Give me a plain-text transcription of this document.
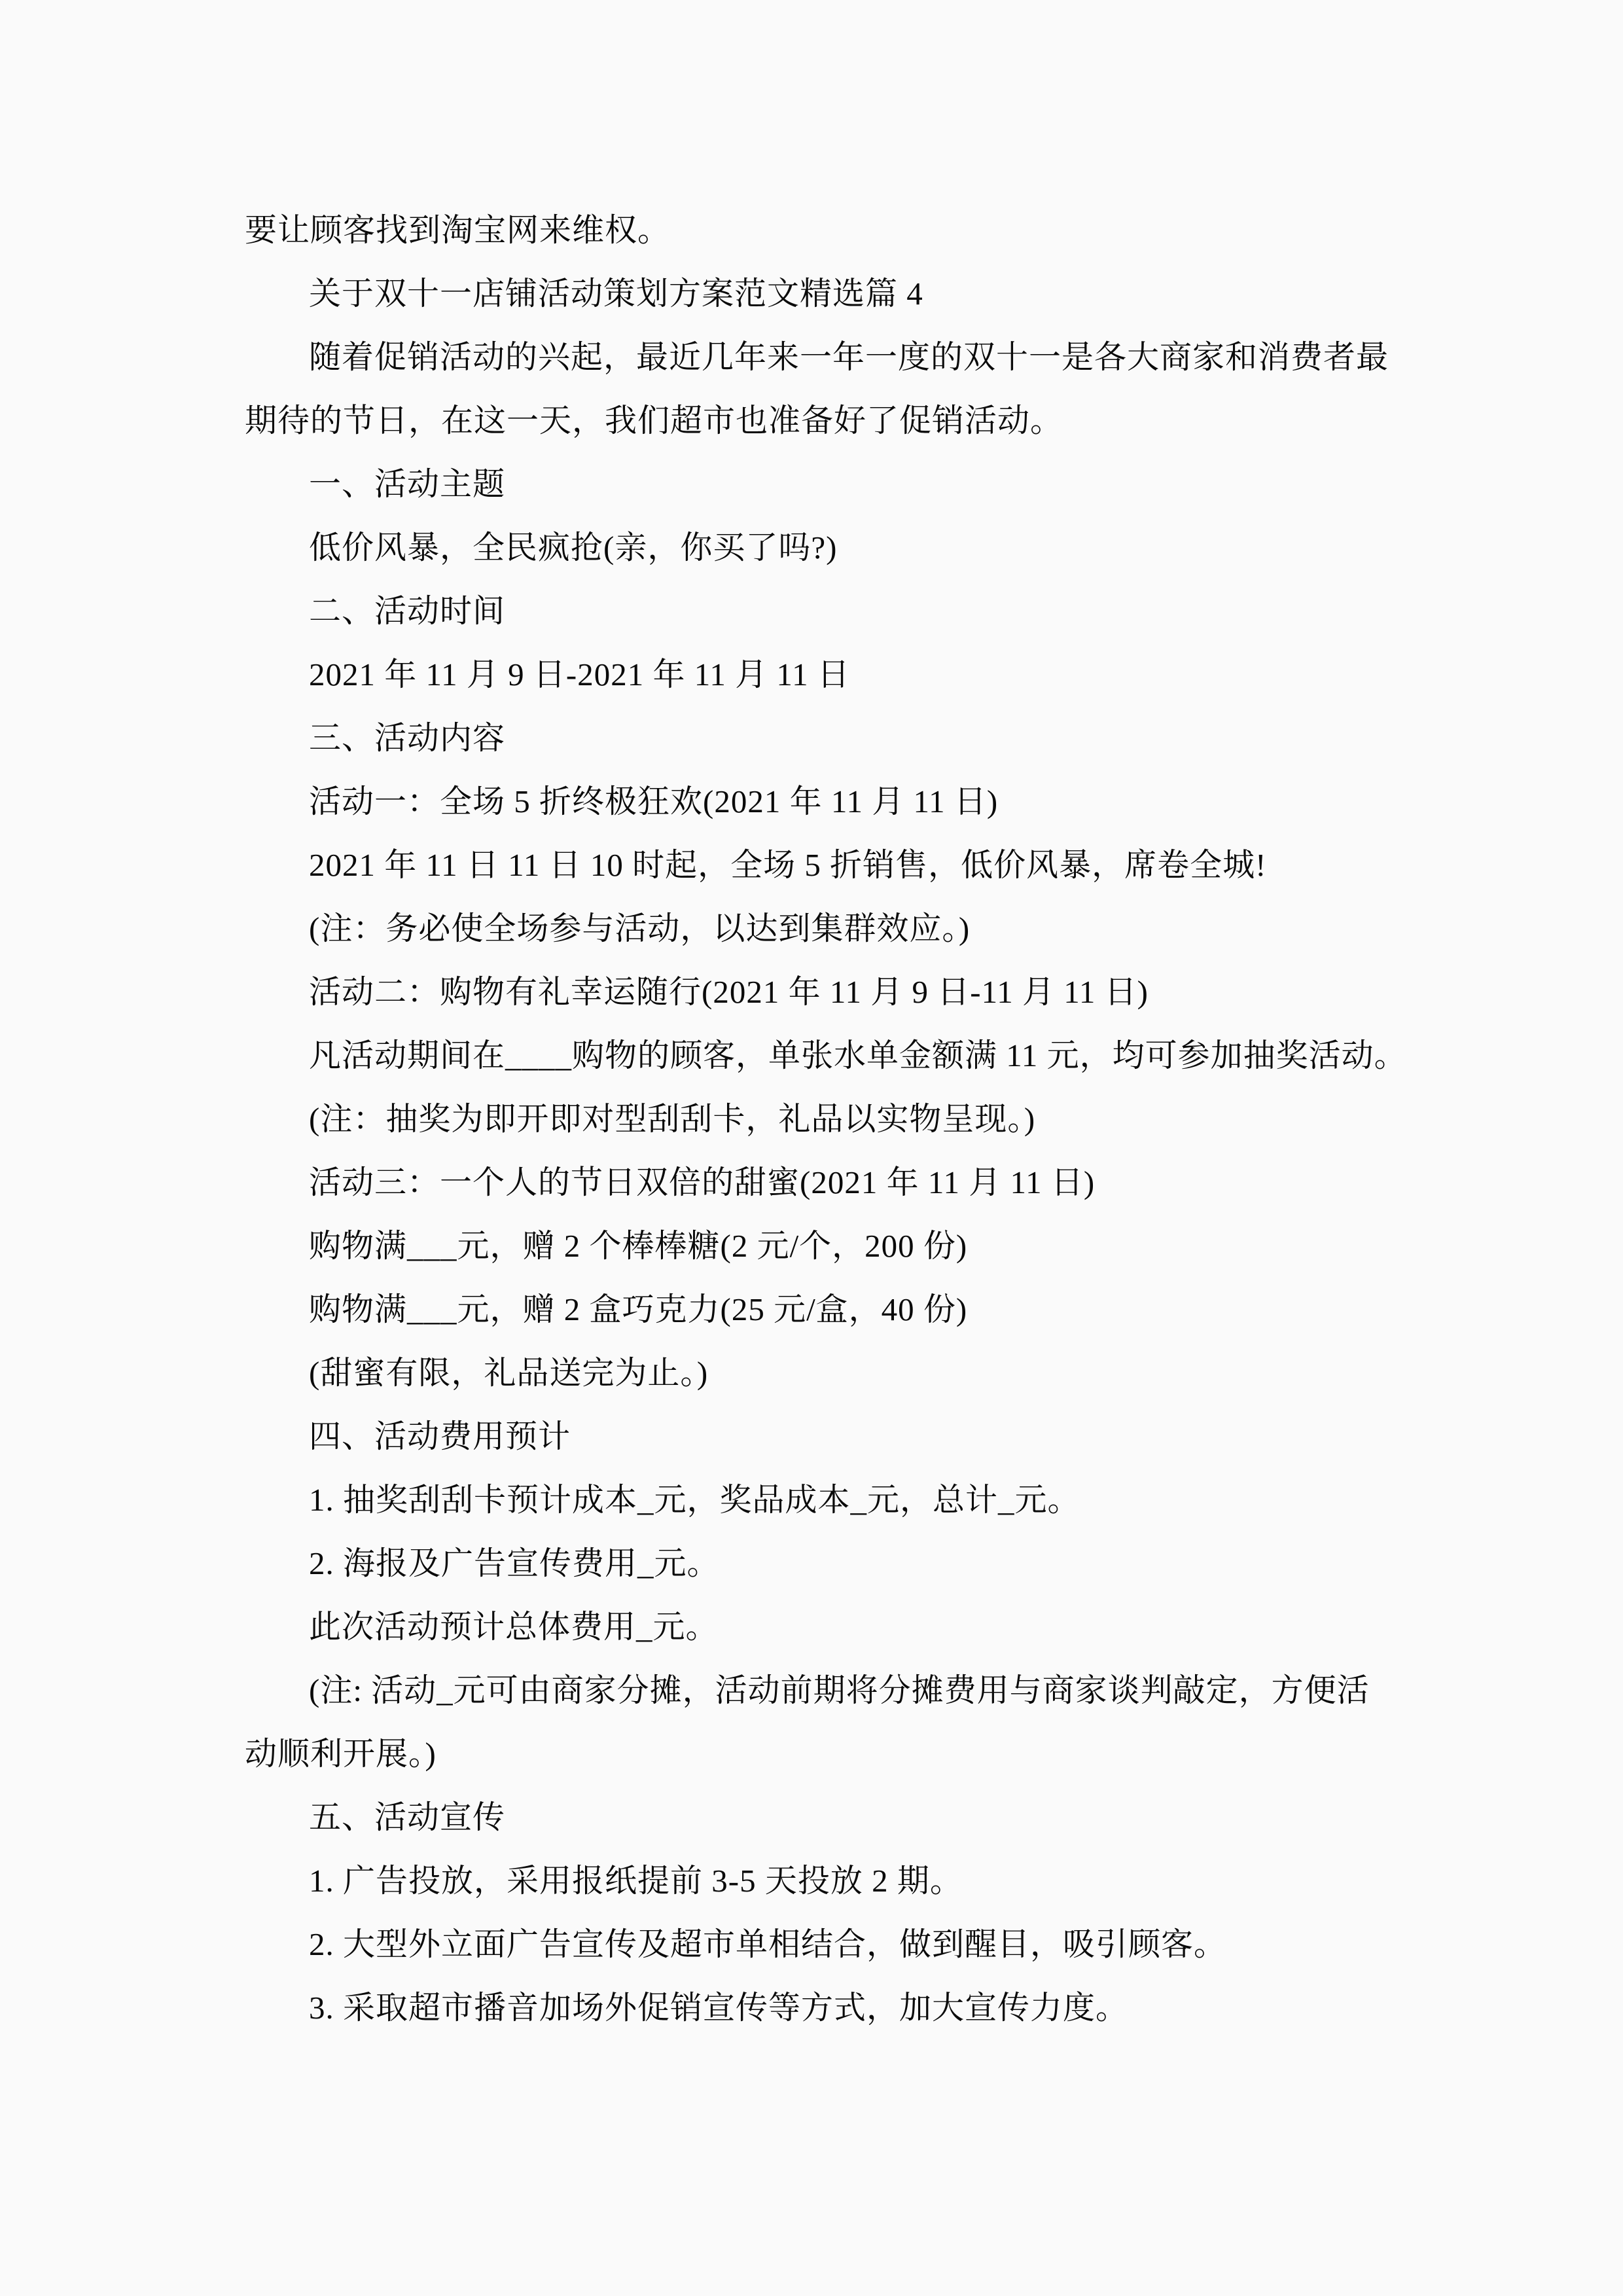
要让顾客找到淘宝网来维权。
关于双十一店铺活动策划方案范文精选篇 4
随着促销活动的兴起，最近几年来一年一度的双十一是各大商家和消费者最
期待的节日，在这一天，我们超市也准备好了促销活动。
一、活动主题
低价风暴，全民疯抢(亲，你买了吗?)
二、活动时间
2021 年 11 月 9 日-2021 年 11 月 11 日
三、活动内容
活动一：全场 5 折终极狂欢(2021 年 11 月 11 日)
2021 年 11 日 11 日 10 时起，全场 5 折销售，低价风暴，席卷全城!
(注：务必使全场参与活动，以达到集群效应。)
活动二：购物有礼幸运随行(2021 年 11 月 9 日-11 月 11 日)
凡活动期间在____购物的顾客，单张水单金额满 11 元，均可参加抽奖活动。
(注：抽奖为即开即对型刮刮卡，礼品以实物呈现。)
活动三：一个人的节日双倍的甜蜜(2021 年 11 月 11 日)
购物满___元，赠 2 个棒棒糖(2 元/个，200 份)
购物满___元，赠 2 盒巧克力(25 元/盒，40 份)
(甜蜜有限，礼品送完为止。)
四、活动费用预计
1. 抽奖刮刮卡预计成本_元，奖品成本_元，总计_元。
2. 海报及广告宣传费用_元。
此次活动预计总体费用_元。
(注: 活动_元可由商家分摊，活动前期将分摊费用与商家谈判敲定，方便活
动顺利开展。)
五、活动宣传
1. 广告投放，采用报纸提前 3-5 天投放 2 期。
2. 大型外立面广告宣传及超市单相结合，做到醒目，吸引顾客。
3. 采取超市播音加场外促销宣传等方式，加大宣传力度。
